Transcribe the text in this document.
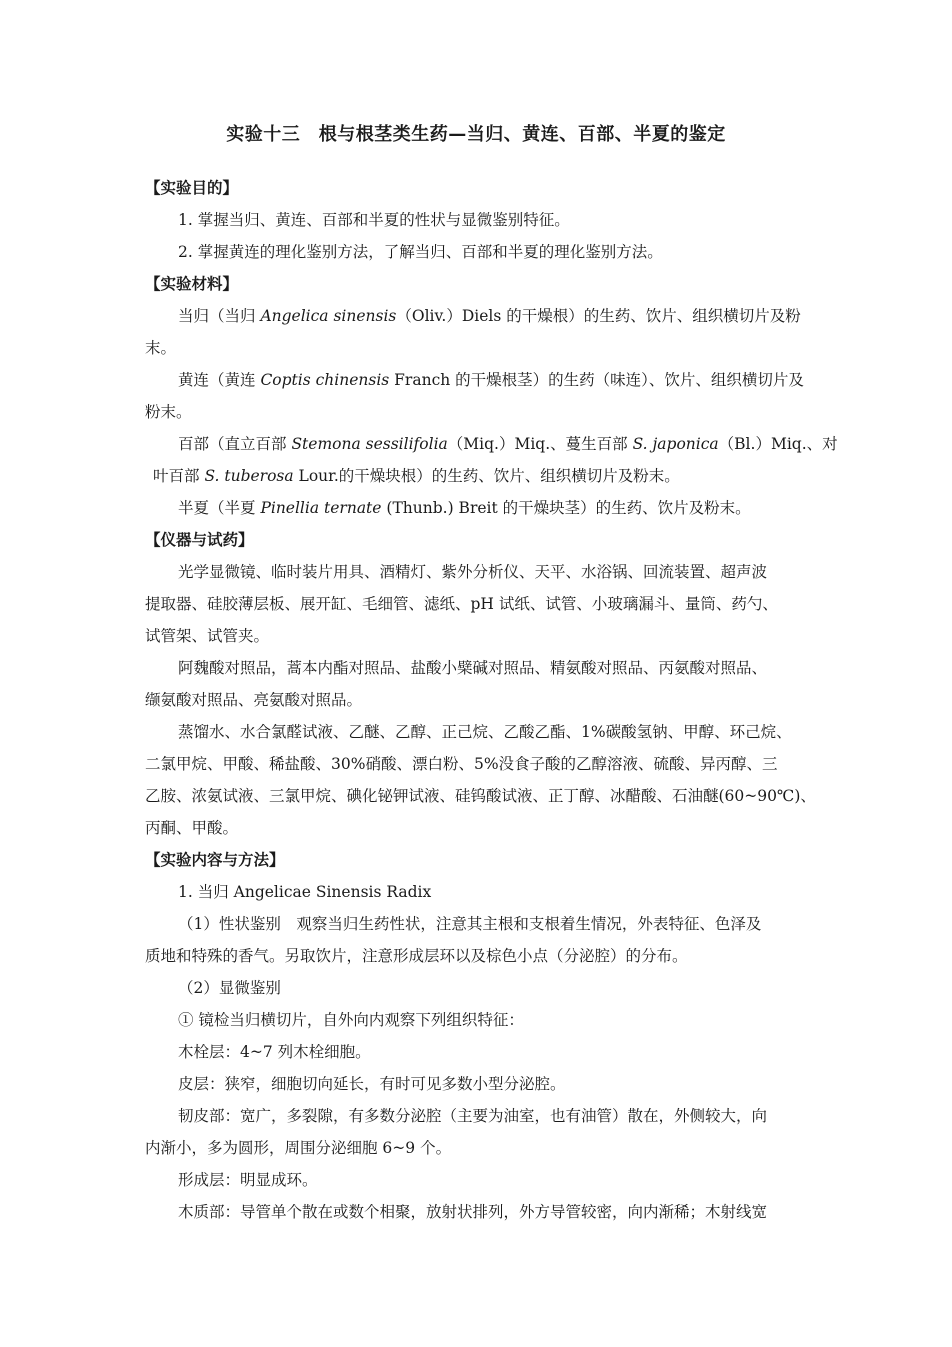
实验十三　根与根茎类生药—当归、黄连、百部、半夏的鉴定
【实验目的】
1. 掌握当归、黄连、百部和半夏的性状与显微鉴别特征。
2. 掌握黄连的理化鉴别方法，了解当归、百部和半夏的理化鉴别方法。
【实验材料】
当归（当归 Angelica sinensis（Oliv.）Diels 的干燥根）的生药、饮片、组织横切片及粉
末。
黄连（黄连 Coptis chinensis Franch 的干燥根茎）的生药（味连）、饮片、组织横切片及
粉末。
百部（直立百部 Stemona sessilifolia（Miq.）Miq.、蔓生百部 S. japonica（Bl.）Miq.、对
叶百部 S. tuberosa Lour.的干燥块根）的生药、饮片、组织横切片及粉末。
半夏（半夏 Pinellia ternate (Thunb.) Breit 的干燥块茎）的生药、饮片及粉末。
【仪器与试药】
光学显微镜、临时装片用具、酒精灯、紫外分析仪、天平、水浴锅、回流装置、超声波
提取器、硅胶薄层板、展开缸、毛细管、滤纸、pH 试纸、试管、小玻璃漏斗、量筒、药勺、
试管架、试管夹。
阿魏酸对照品，蒿本内酯对照品、盐酸小檗碱对照品、精氨酸对照品、丙氨酸对照品、
缬氨酸对照品、亮氨酸对照品。
蒸馏水、水合氯醛试液、乙醚、乙醇、正己烷、乙酸乙酯、1%碳酸氢钠、甲醇、环己烷、
二氯甲烷、甲酸、稀盐酸、30%硝酸、漂白粉、5%没食子酸的乙醇溶液、硫酸、异丙醇、三
乙胺、浓氨试液、三氯甲烷、碘化铋钾试液、硅钨酸试液、正丁醇、冰醋酸、石油醚(60~90℃)、
丙酮、甲酸。
【实验内容与方法】
1. 当归 Angelicae Sinensis Radix
（1）性状鉴别　观察当归生药性状，注意其主根和支根着生情况，外表特征、色泽及
质地和特殊的香气。另取饮片，注意形成层环以及棕色小点（分泌腔）的分布。
（2）显微鉴别
① 镜检当归横切片，自外向内观察下列组织特征：
木栓层：4~7 列木栓细胞。
皮层：狭窄，细胞切向延长，有时可见多数小型分泌腔。
韧皮部：宽广，多裂隙，有多数分泌腔（主要为油室，也有油管）散在，外侧较大，向
内渐小，多为圆形，周围分泌细胞 6~9 个。
形成层：明显成环。
木质部：导管单个散在或数个相聚，放射状排列，外方导管较密，向内渐稀；木射线宽
